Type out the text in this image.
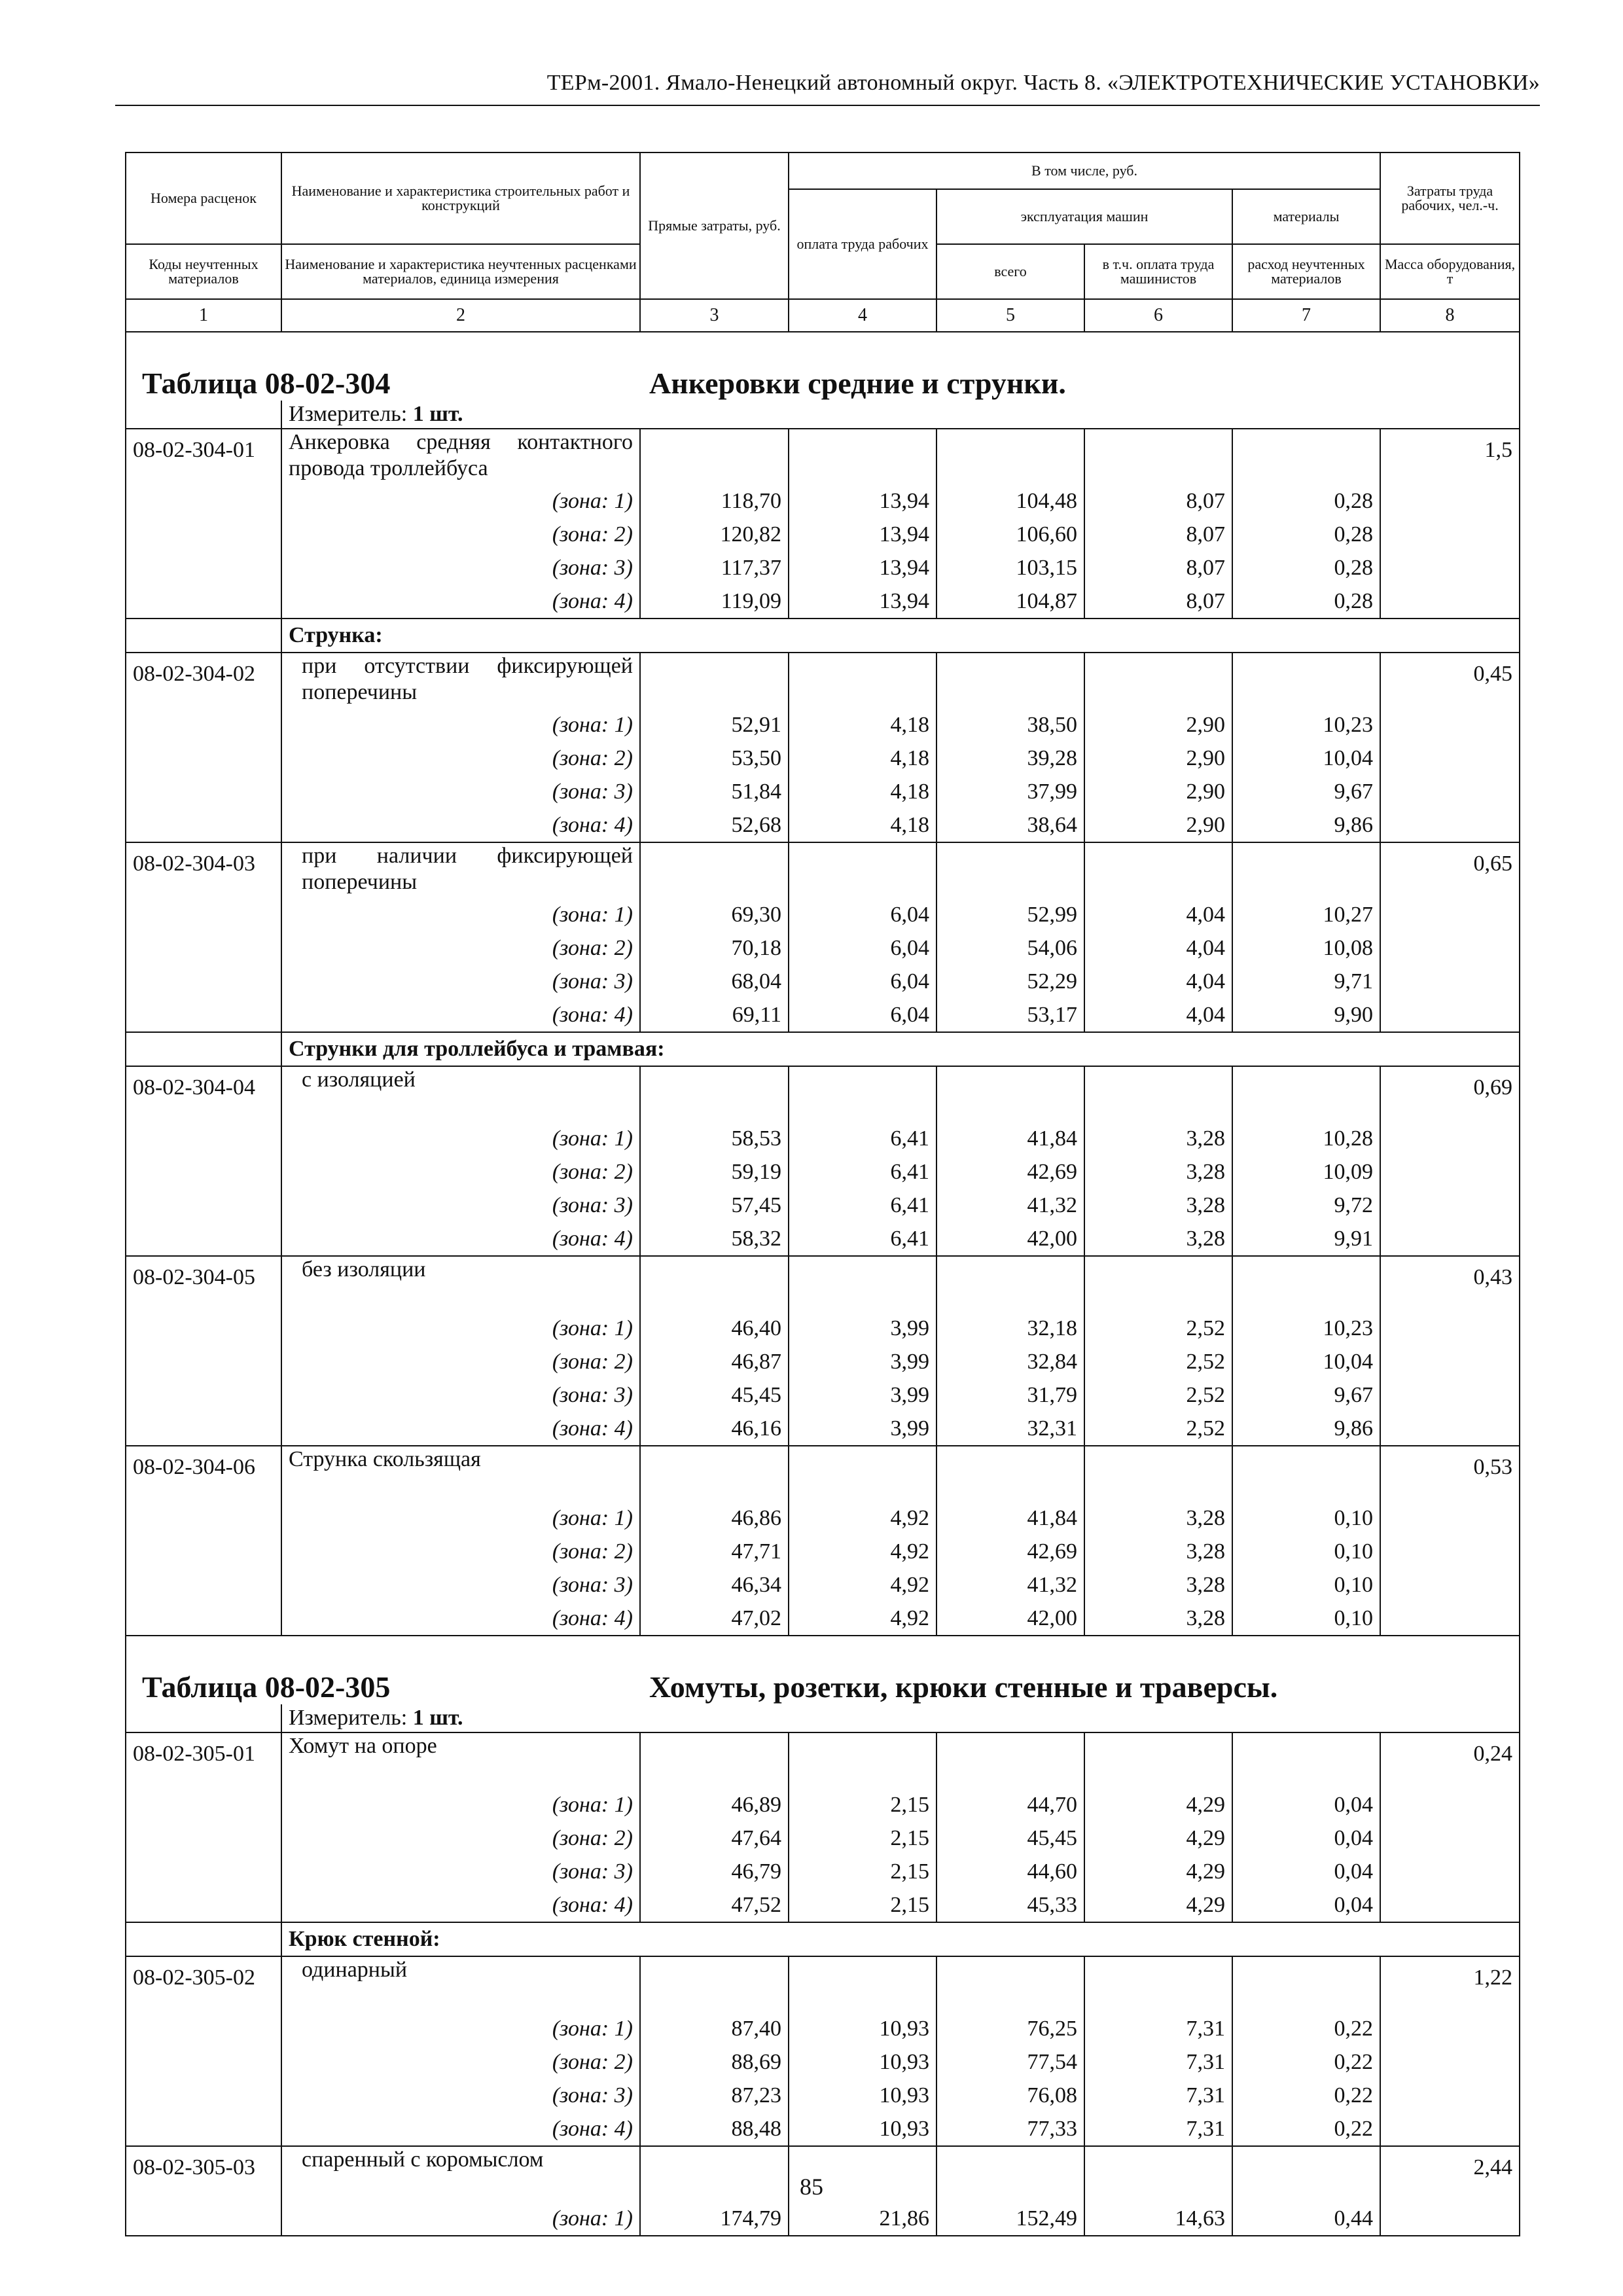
ТЕРм-2001. Ямало-Ненецкий автономный округ. Часть 8. «ЭЛЕКТРОТЕХНИЧЕСКИЕ УСТАНОВКИ»
Номера расценок	Наименование и характеристика строительных работ и конструкций	Прямые затраты, руб.	В том числе, руб.				Затраты труда рабочих, чел.-ч.
			оплата труда рабочих	эксплуатация машин		материалы	
Коды неучтенных материалов	Наименование и характеристика неучтенных расценками материалов, единица измерения			всего	в т.ч. оплата труда машинистов	расход неучтенных материалов	Масса оборудования, т
1	2	3	4	5	6	7	8

Таблица 08-02-304 Анкеровки средние и струнки.							

	Измеритель: 1 шт.						
08-02-304-01	Анкеровка средняя контактного провода троллейбуса						1,5
	(зона: 1)	118,70	13,94	104,48	8,07	0,28	
	(зона: 2)	120,82	13,94	106,60	8,07	0,28	
	(зона: 3)	117,37	13,94	103,15	8,07	0,28	
	(зона: 4)	119,09	13,94	104,87	8,07	0,28	
	Струнка:						
08-02-304-02	при отсутствии фиксирующей поперечины						0,45
	(зона: 1)	52,91	4,18	38,50	2,90	10,23	
	(зона: 2)	53,50	4,18	39,28	2,90	10,04	
	(зона: 3)	51,84	4,18	37,99	2,90	9,67	
	(зона: 4)	52,68	4,18	38,64	2,90	9,86	
08-02-304-03	при наличии фиксирующей поперечины						0,65
	(зона: 1)	69,30	6,04	52,99	4,04	10,27	
	(зона: 2)	70,18	6,04	54,06	4,04	10,08	
	(зона: 3)	68,04	6,04	52,29	4,04	9,71	
	(зона: 4)	69,11	6,04	53,17	4,04	9,90	
	Струнки для троллейбуса и трамвая:						
08-02-304-04	с изоляцией						0,69
	(зона: 1)	58,53	6,41	41,84	3,28	10,28	
	(зона: 2)	59,19	6,41	42,69	3,28	10,09	
	(зона: 3)	57,45	6,41	41,32	3,28	9,72	
	(зона: 4)	58,32	6,41	42,00	3,28	9,91	
08-02-304-05	без изоляции						0,43
	(зона: 1)	46,40	3,99	32,18	2,52	10,23	
	(зона: 2)	46,87	3,99	32,84	2,52	10,04	
	(зона: 3)	45,45	3,99	31,79	2,52	9,67	
	(зона: 4)	46,16	3,99	32,31	2,52	9,86	
08-02-304-06	Струнка скользящая						0,53
	(зона: 1)	46,86	4,92	41,84	3,28	0,10	
	(зона: 2)	47,71	4,92	42,69	3,28	0,10	
	(зона: 3)	46,34	4,92	41,32	3,28	0,10	
	(зона: 4)	47,02	4,92	42,00	3,28	0,10	

Таблица 08-02-305 Хомуты, розетки, крюки стенные и траверсы.							

	Измеритель: 1 шт.						
08-02-305-01	Хомут на опоре						0,24
	(зона: 1)	46,89	2,15	44,70	4,29	0,04	
	(зона: 2)	47,64	2,15	45,45	4,29	0,04	
	(зона: 3)	46,79	2,15	44,60	4,29	0,04	
	(зона: 4)	47,52	2,15	45,33	4,29	0,04	
	Крюк стенной:						
08-02-305-02	одинарный						1,22
	(зона: 1)	87,40	10,93	76,25	7,31	0,22	
	(зона: 2)	88,69	10,93	77,54	7,31	0,22	
	(зона: 3)	87,23	10,93	76,08	7,31	0,22	
	(зона: 4)	88,48	10,93	77,33	7,31	0,22	
08-02-305-03	спаренный с коромыслом						2,44
	(зона: 1)	174,79	21,86	152,49	14,63	0,44	
85
